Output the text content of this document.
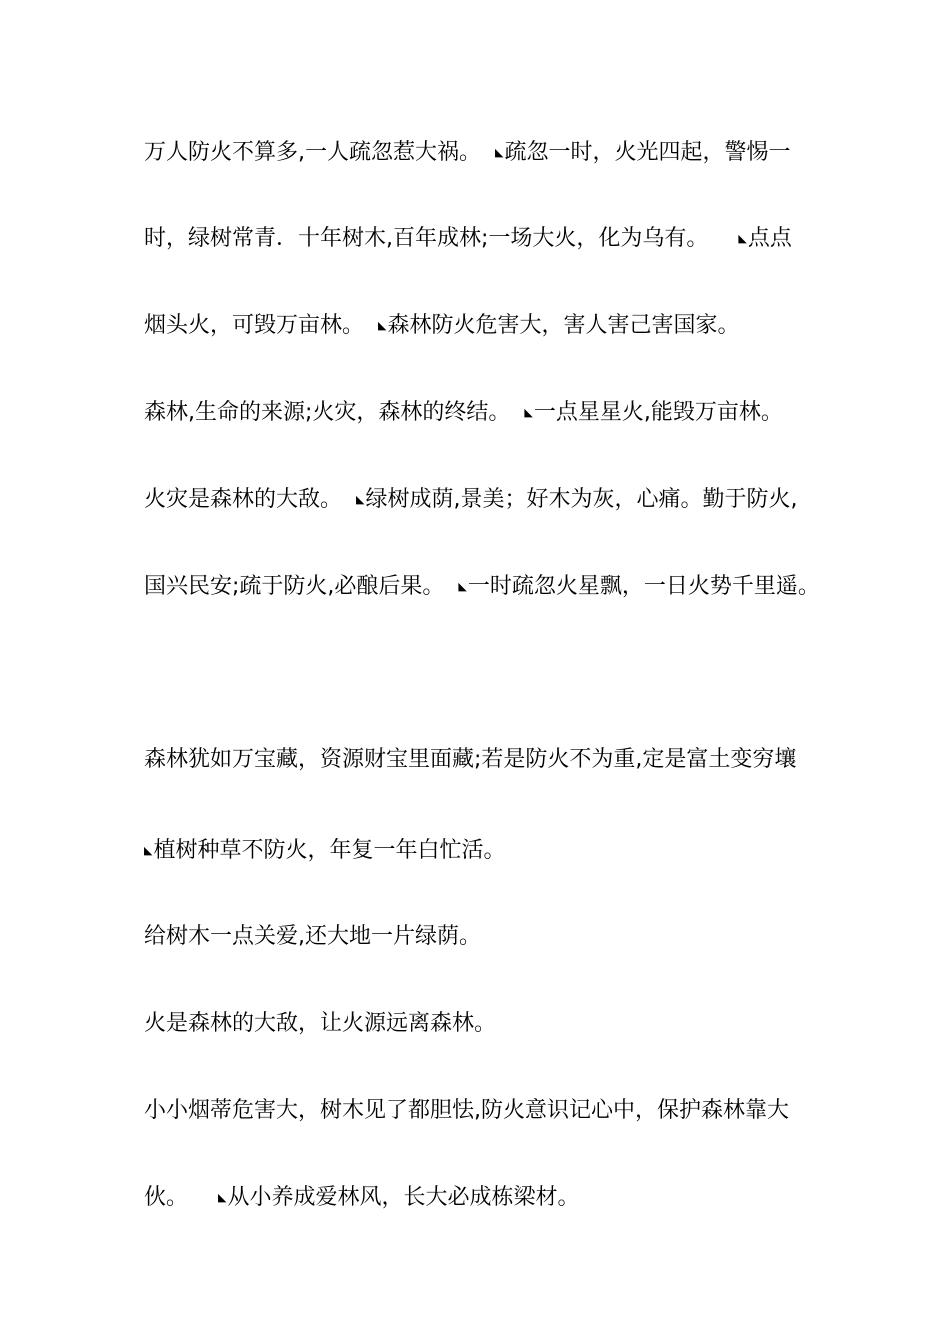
万人防火不算多,一人疏忽惹大祸。 ◣疏忽一时，火光四起，警惕一
时，绿树常青．十年树木,百年成林;一场大火，化为乌有。	◣点点
烟头火，可毁万亩林。 ◣森林防火危害大，害人害己害国家。
森林,生命的来源;火灾，森林的终结。 ◣一点星星火,能毁万亩林。
火灾是森林的大敌。 ◣绿树成荫,景美；好木为灰，心痛。勤于防火,
国兴民安;疏于防火,必酿后果。 ◣一时疏忽火星飘，一日火势千里遥。
森林犹如万宝藏，资源财宝里面藏;若是防火不为重,定是富土变穷壤
◣植树种草不防火，年复一年白忙活。
给树木一点关爱,还大地一片绿荫。
火是森林的大敌，让火源远离森林。
小小烟蒂危害大，树木见了都胆怯,防火意识记心中，保护森林靠大
伙。	◣从小养成爱林风，长大必成栋梁材。
